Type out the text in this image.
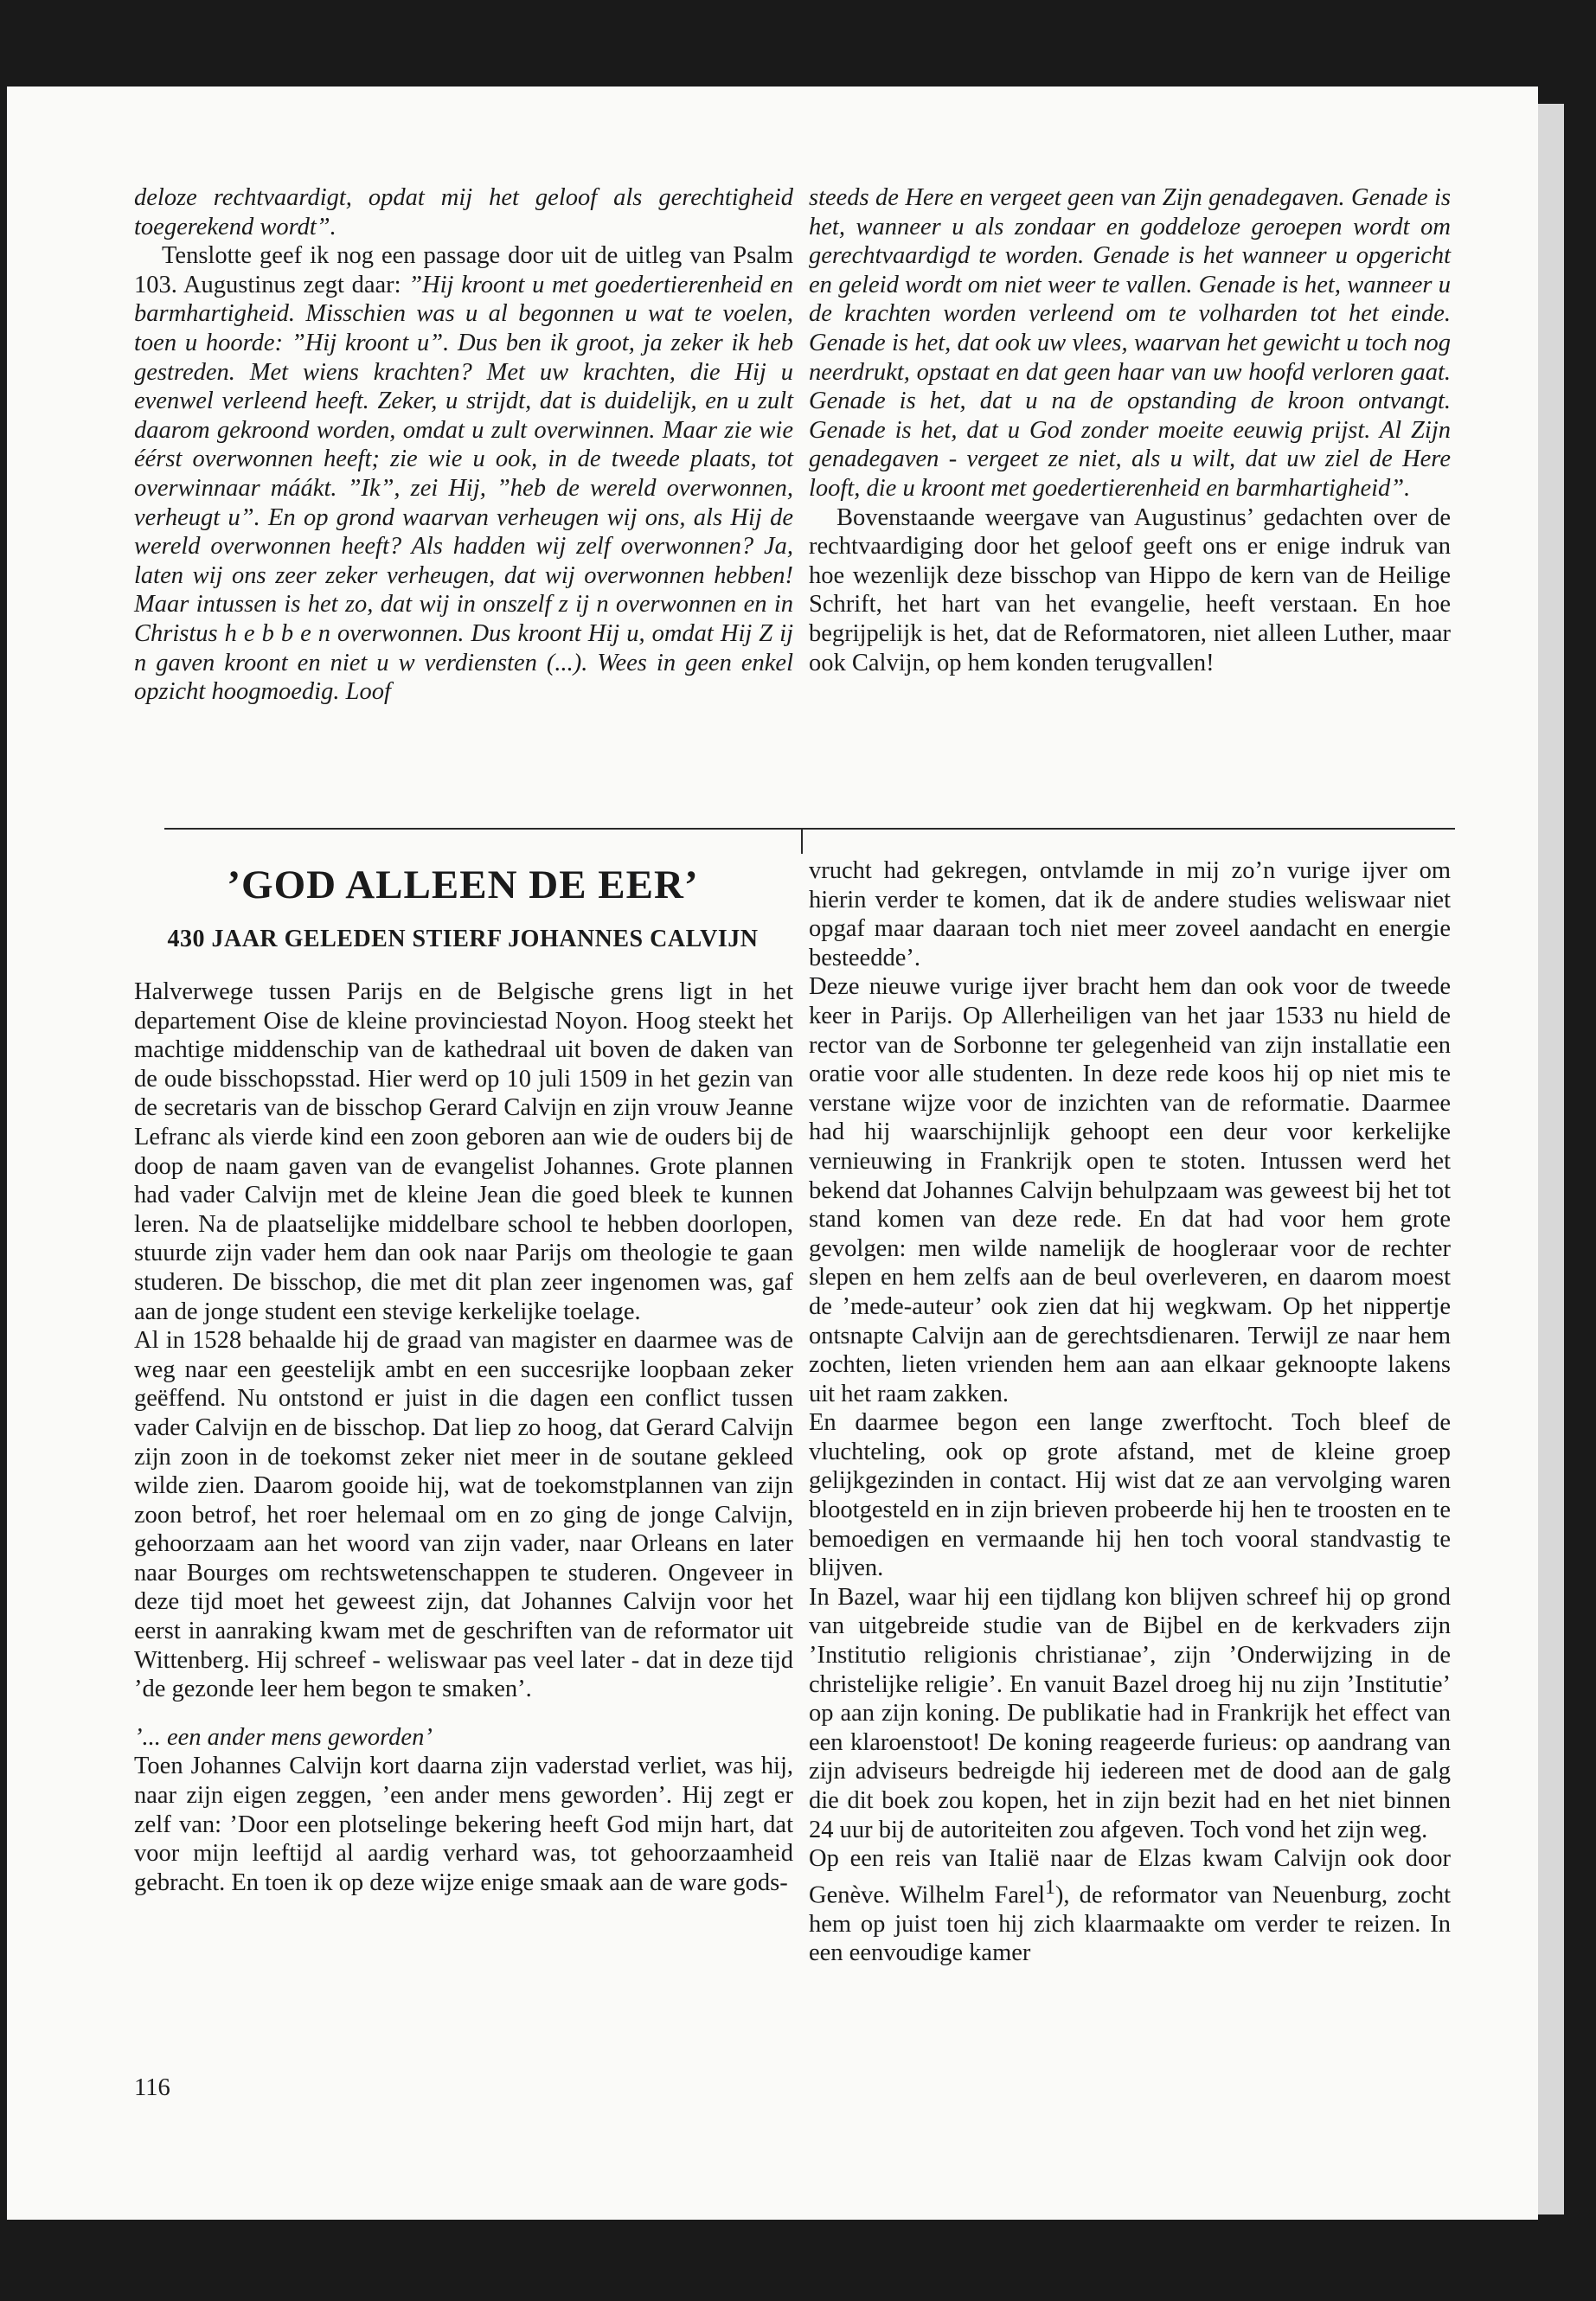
deloze rechtvaardigt, opdat mij het geloof als gerechtigheid toegerekend wordt”.

Tenslotte geef ik nog een passage door uit de uitleg van Psalm 103. Augustinus zegt daar: ”Hij kroont u met goedertierenheid en barmhartigheid. Misschien was u al begonnen u wat te voelen, toen u hoorde: ”Hij kroont u”. Dus ben ik groot, ja zeker ik heb gestreden. Met wiens krachten? Met uw krachten, die Hij u evenwel verleend heeft. Zeker, u strijdt, dat is duidelijk, en u zult daarom gekroond worden, omdat u zult overwinnen. Maar zie wie éérst overwonnen heeft; zie wie u ook, in de tweede plaats, tot overwinnaar máákt. ”Ik”, zei Hij, ”heb de wereld overwonnen, verheugt u”. En op grond waarvan verheugen wij ons, als Hij de wereld overwonnen heeft? Als hadden wij zelf overwonnen? Ja, laten wij ons zeer zeker verheugen, dat wij overwonnen hebben! Maar intussen is het zo, dat wij in onszelf z ij n overwonnen en in Christus h e b b e n overwonnen. Dus kroont Hij u, omdat Hij Z ij n gaven kroont en niet u w verdiensten (...). Wees in geen enkel opzicht hoogmoedig. Loof

steeds de Here en vergeet geen van Zijn genadegaven. Genade is het, wanneer u als zondaar en goddeloze geroepen wordt om gerechtvaardigd te worden. Genade is het wanneer u opgericht en geleid wordt om niet weer te vallen. Genade is het, wanneer u de krachten worden verleend om te volharden tot het einde. Genade is het, dat ook uw vlees, waarvan het gewicht u toch nog neerdrukt, opstaat en dat geen haar van uw hoofd verloren gaat. Genade is het, dat u na de opstanding de kroon ontvangt. Genade is het, dat u God zonder moeite eeuwig prijst. Al Zijn genadegaven - vergeet ze niet, als u wilt, dat uw ziel de Here looft, die u kroont met goedertierenheid en barmhartigheid”.

Bovenstaande weergave van Augustinus’ gedachten over de rechtvaardiging door het geloof geeft ons er enige indruk van hoe wezenlijk deze bisschop van Hippo de kern van de Heilige Schrift, het hart van het evangelie, heeft verstaan. En hoe begrijpelijk is het, dat de Reformatoren, niet alleen Luther, maar ook Calvijn, op hem konden terugvallen!

’GOD ALLEEN DE EER’
430 JAAR GELEDEN STIERF JOHANNES CALVIJN

Halverwege tussen Parijs en de Belgische grens ligt in het departement Oise de kleine provinciestad Noyon. Hoog steekt het machtige middenschip van de kathedraal uit boven de daken van de oude bisschopsstad. Hier werd op 10 juli 1509 in het gezin van de secretaris van de bisschop Gerard Calvijn en zijn vrouw Jeanne Lefranc als vierde kind een zoon geboren aan wie de ouders bij de doop de naam gaven van de evangelist Johannes. Grote plannen had vader Calvijn met de kleine Jean die goed bleek te kunnen leren. Na de plaatselijke middelbare school te hebben doorlopen, stuurde zijn vader hem dan ook naar Parijs om theologie te gaan studeren. De bisschop, die met dit plan zeer ingenomen was, gaf aan de jonge student een stevige kerkelijke toelage.

Al in 1528 behaalde hij de graad van magister en daarmee was de weg naar een geestelijk ambt en een succesrijke loopbaan zeker geëffend. Nu ontstond er juist in die dagen een conflict tussen vader Calvijn en de bisschop. Dat liep zo hoog, dat Gerard Calvijn zijn zoon in de toekomst zeker niet meer in de soutane gekleed wilde zien. Daarom gooide hij, wat de toekomstplannen van zijn zoon betrof, het roer helemaal om en zo ging de jonge Calvijn, gehoorzaam aan het woord van zijn vader, naar Orleans en later naar Bourges om rechtswetenschappen te studeren. Ongeveer in deze tijd moet het geweest zijn, dat Johannes Calvijn voor het eerst in aanraking kwam met de geschriften van de reformator uit Wittenberg. Hij schreef - weliswaar pas veel later - dat in deze tijd ’de gezonde leer hem begon te smaken’.

’... een ander mens geworden’

Toen Johannes Calvijn kort daarna zijn vaderstad verliet, was hij, naar zijn eigen zeggen, ’een ander mens geworden’. Hij zegt er zelf van: ’Door een plotselinge bekering heeft God mijn hart, dat voor mijn leeftijd al aardig verhard was, tot gehoorzaamheid gebracht. En toen ik op deze wijze enige smaak aan de ware gods-

vrucht had gekregen, ontvlamde in mij zo’n vurige ijver om hierin verder te komen, dat ik de andere studies weliswaar niet opgaf maar daaraan toch niet meer zoveel aandacht en energie besteedde’.

Deze nieuwe vurige ijver bracht hem dan ook voor de tweede keer in Parijs. Op Allerheiligen van het jaar 1533 nu hield de rector van de Sorbonne ter gelegenheid van zijn installatie een oratie voor alle studenten. In deze rede koos hij op niet mis te verstane wijze voor de inzichten van de reformatie. Daarmee had hij waarschijnlijk gehoopt een deur voor kerkelijke vernieuwing in Frankrijk open te stoten. Intussen werd het bekend dat Johannes Calvijn behulpzaam was geweest bij het tot stand komen van deze rede. En dat had voor hem grote gevolgen: men wilde namelijk de hoogleraar voor de rechter slepen en hem zelfs aan de beul overleveren, en daarom moest de ’mede-auteur’ ook zien dat hij wegkwam. Op het nippertje ontsnapte Calvijn aan de gerechtsdienaren. Terwijl ze naar hem zochten, lieten vrienden hem aan aan elkaar geknoopte lakens uit het raam zakken.

En daarmee begon een lange zwerftocht. Toch bleef de vluchteling, ook op grote afstand, met de kleine groep gelijkgezinden in contact. Hij wist dat ze aan vervolging waren blootgesteld en in zijn brieven probeerde hij hen te troosten en te bemoedigen en vermaande hij hen toch vooral standvastig te blijven.

In Bazel, waar hij een tijdlang kon blijven schreef hij op grond van uitgebreide studie van de Bijbel en de kerkvaders zijn ’Institutio religionis christianae’, zijn ’Onderwijzing in de christelijke religie’. En vanuit Bazel droeg hij nu zijn ’Institutie’ op aan zijn koning. De publikatie had in Frankrijk het effect van een klaroenstoot! De koning reageerde furieus: op aandrang van zijn adviseurs bedreigde hij iedereen met de dood aan de galg die dit boek zou kopen, het in zijn bezit had en het niet binnen 24 uur bij de autoriteiten zou afgeven. Toch vond het zijn weg.

Op een reis van Italië naar de Elzas kwam Calvijn ook door Genève. Wilhelm Farel$^1$), de reformator van Neuenburg, zocht hem op juist toen hij zich klaarmaakte om verder te reizen. In een eenvoudige kamer

116
